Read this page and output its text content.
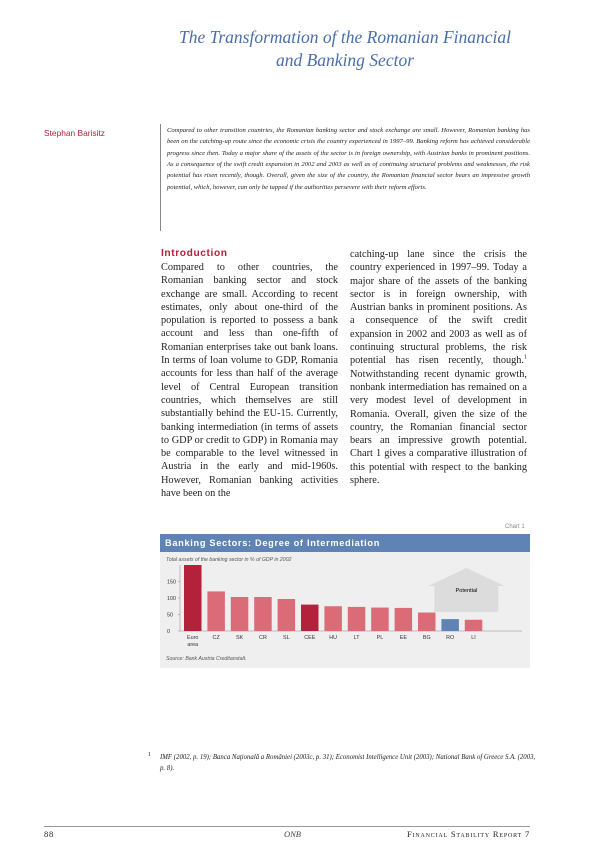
The Transformation of the Romanian Financial
and Banking Sector
Stephan Barisitz	Compared to other transition countries, the Romanian banking sector and stock exchange are small. However, Romanian banking has been on the catching-up route since the economic crisis the country experienced in 1997–99. Banking reform has achieved considerable progress since then. Today a major share of the assets of the sector is in foreign ownership, with Austrian banks in prominent positions. As a consequence of the swift credit expansion in 2002 and 2003 as well as of continuing structural problems and weaknesses, the risk potential has risen recently, though. Overall, given the size of the country, the Romanian financial sector bears an impressive growth potential, which, however, can only be tapped if the authorities persevere with their reform efforts.
Introduction
Compared to other countries, the Romanian banking sector and stock exchange are small. According to recent estimates, only about one-third of the population is reported to possess a bank account and less than one-fifth of Romanian enterprises take out bank loans. In terms of loan volume to GDP, Romania accounts for less than half of the average level of Central European transition countries, which themselves are still substantially behind the EU-15. Currently, banking intermediation (in terms of assets to GDP or credit to GDP) in Romania may be comparable to the level witnessed in Austria in the early and mid-1960s. However, Romanian banking activities have been on the
catching-up lane since the crisis the country experienced in 1997–99. Today a major share of the assets of the banking sector is in foreign ownership, with Austrian banks in prominent positions. As a consequence of the swift credit expansion in 2002 and 2003 as well as of continuing structural problems, the risk potential has risen recently, though.$^1$ Notwithstanding recent dynamic growth, nonbank intermediation has remained on a very modest level of development in Romania. Overall, given the size of the country, the Romanian financial sector bears an impressive growth potential. Chart 1 gives a comparative illustration of this potential with respect to the banking sphere.
Chart 1
Potential
0
50
100
150
Euro
area
CZ	SK	CR	SL	CEE	HU	LT	PL	EE	BG	RO	LI
Banking Sectors: Degree of Intermediation
Total assets of the banking sector in % of GDP in 2002
Source: Bank Austria Creditanstalt.
1 IMF (2002, p. 19); Banca Naţională a României (2003c, p. 31); Economist Intelligence Unit (2003); National Bank of Greece S.A. (2003, p. 8).
88	ONB	Financial Stability Report 7
